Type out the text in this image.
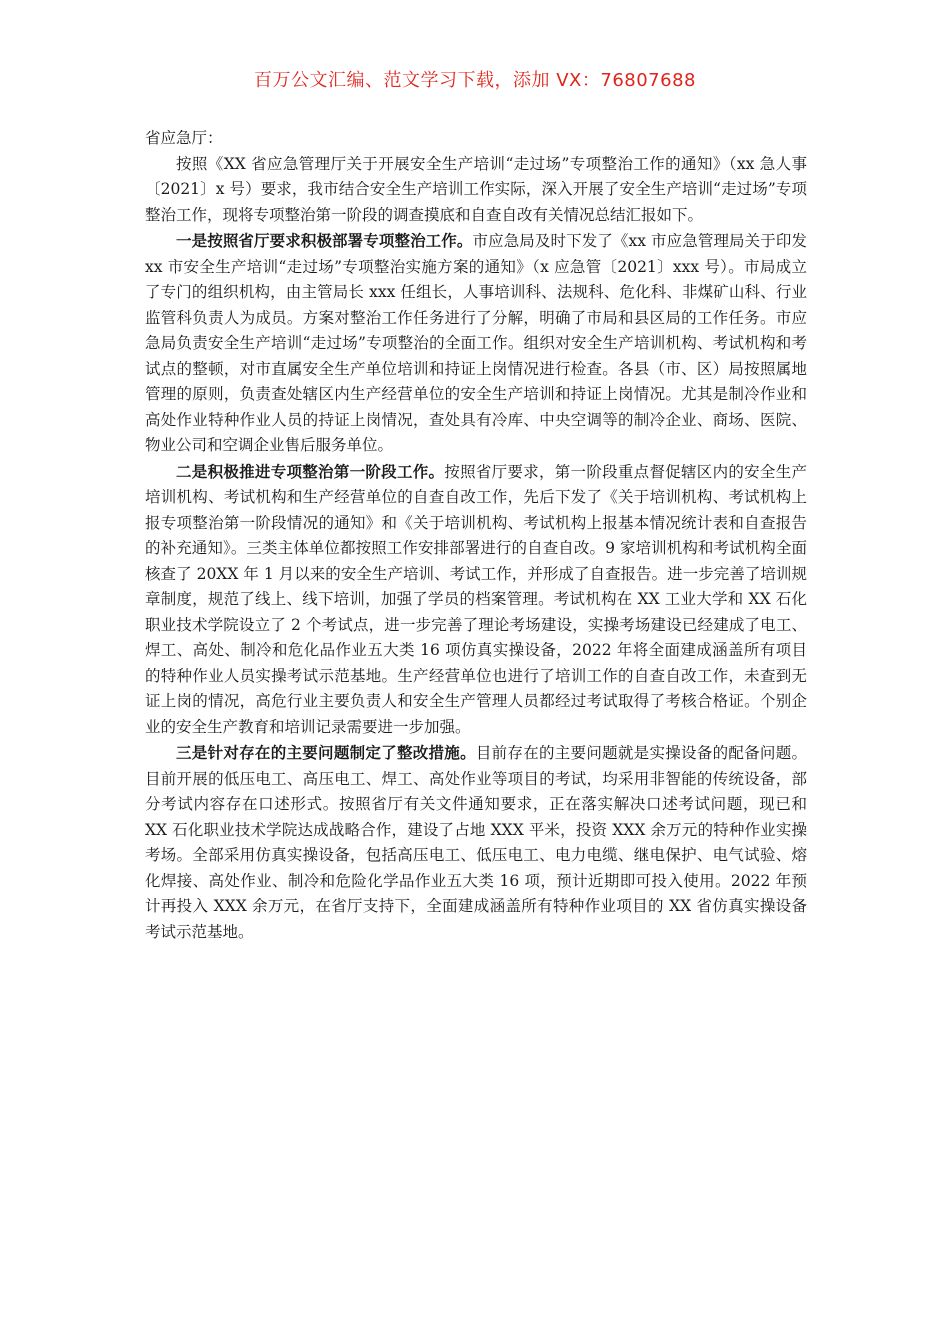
百万公文汇编、范文学习下载，添加 VX：76807688

省应急厅：

按照《XX 省应急管理厅关于开展安全生产培训“走过场”专项整治工作的通知》（xx 急人事〔2021〕x 号）要求，我市结合安全生产培训工作实际，深入开展了安全生产培训“走过场”专项整治工作，现将专项整治第一阶段的调查摸底和自查自改有关情况总结汇报如下。

一是按照省厅要求积极部署专项整治工作。市应急局及时下发了《xx 市应急管理局关于印发 xx 市安全生产培训“走过场”专项整治实施方案的通知》（x 应急管〔2021〕xxx 号）。市局成立了专门的组织机构，由主管局长 xxx 任组长，人事培训科、法规科、危化科、非煤矿山科、行业监管科负责人为成员。方案对整治工作任务进行了分解，明确了市局和县区局的工作任务。市应急局负责安全生产培训“走过场”专项整治的全面工作。组织对安全生产培训机构、考试机构和考试点的整顿，对市直属安全生产单位培训和持证上岗情况进行检查。各县（市、区）局按照属地管理的原则，负责查处辖区内生产经营单位的安全生产培训和持证上岗情况。尤其是制冷作业和高处作业特种作业人员的持证上岗情况，查处具有冷库、中央空调等的制冷企业、商场、医院、物业公司和空调企业售后服务单位。

二是积极推进专项整治第一阶段工作。按照省厅要求，第一阶段重点督促辖区内的安全生产培训机构、考试机构和生产经营单位的自查自改工作，先后下发了《关于培训机构、考试机构上报专项整治第一阶段情况的通知》和《关于培训机构、考试机构上报基本情况统计表和自查报告的补充通知》。三类主体单位都按照工作安排部署进行的自查自改。9 家培训机构和考试机构全面核查了 20XX 年 1 月以来的安全生产培训、考试工作，并形成了自查报告。进一步完善了培训规章制度，规范了线上、线下培训，加强了学员的档案管理。考试机构在 XX 工业大学和 XX 石化职业技术学院设立了 2 个考试点，进一步完善了理论考场建设，实操考场建设已经建成了电工、焊工、高处、制冷和危化品作业五大类 16 项仿真实操设备，2022 年将全面建成涵盖所有项目的特种作业人员实操考试示范基地。生产经营单位也进行了培训工作的自查自改工作，未查到无证上岗的情况，高危行业主要负责人和安全生产管理人员都经过考试取得了考核合格证。个别企业的安全生产教育和培训记录需要进一步加强。

三是针对存在的主要问题制定了整改措施。目前存在的主要问题就是实操设备的配备问题。目前开展的低压电工、高压电工、焊工、高处作业等项目的考试，均采用非智能的传统设备，部分考试内容存在口述形式。按照省厅有关文件通知要求，正在落实解决口述考试问题，现已和 XX 石化职业技术学院达成战略合作，建设了占地 XXX 平米，投资 XXX 余万元的特种作业实操考场。全部采用仿真实操设备，包括高压电工、低压电工、电力电缆、继电保护、电气试验、熔化焊接、高处作业、制冷和危险化学品作业五大类 16 项，预计近期即可投入使用。2022 年预计再投入 XXX 余万元，在省厅支持下，全面建成涵盖所有特种作业项目的 XX 省仿真实操设备考试示范基地。
